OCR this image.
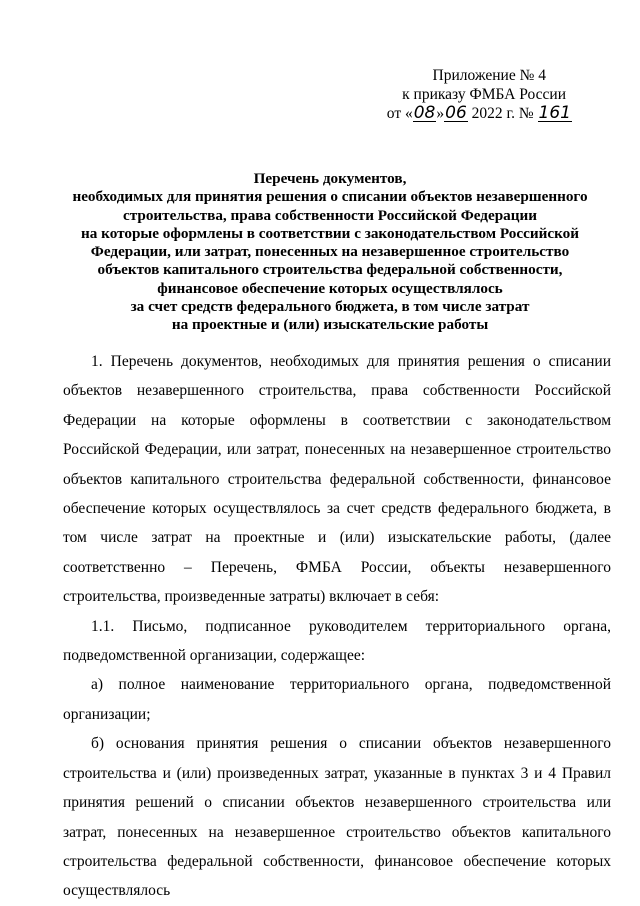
Приложение № 4
к приказу ФМБА России
от «08»06 2022 г. № 161
Перечень документов,
необходимых для принятия решения о списании объектов незавершенного
строительства, права собственности Российской Федерации
на которые оформлены в соответствии с законодательством Российской
Федерации, или затрат, понесенных на незавершенное строительство
объектов капитального строительства федеральной собственности,
финансовое обеспечение которых осуществлялось
за счет средств федерального бюджета, в том числе затрат
на проектные и (или) изыскательские работы

1. Перечень документов, необходимых для принятия решения о списании объектов незавершенного строительства, права собственности Российской Федерации на которые оформлены в соответствии с законодательством Российской Федерации, или затрат, понесенных на незавершенное строительство объектов капитального строительства федеральной собственности, финансовое обеспечение которых осуществлялось за счет средств федерального бюджета, в том числе затрат на проектные и (или) изыскательские работы, (далее соответственно – Перечень, ФМБА России, объекты незавершенного строительства, произведенные затраты) включает в себя:

1.1. Письмо, подписанное руководителем территориального органа, подведомственной организации, содержащее:

а) полное наименование территориального органа, подведомственной организации;

б) основания принятия решения о списании объектов незавершенного строительства и (или) произведенных затрат, указанные в пунктах 3 и 4 Правил принятия решений о списании объектов незавершенного строительства или затрат, понесенных на незавершенное строительство объектов капитального строительства федеральной собственности, финансовое обеспечение которых осуществлялось
